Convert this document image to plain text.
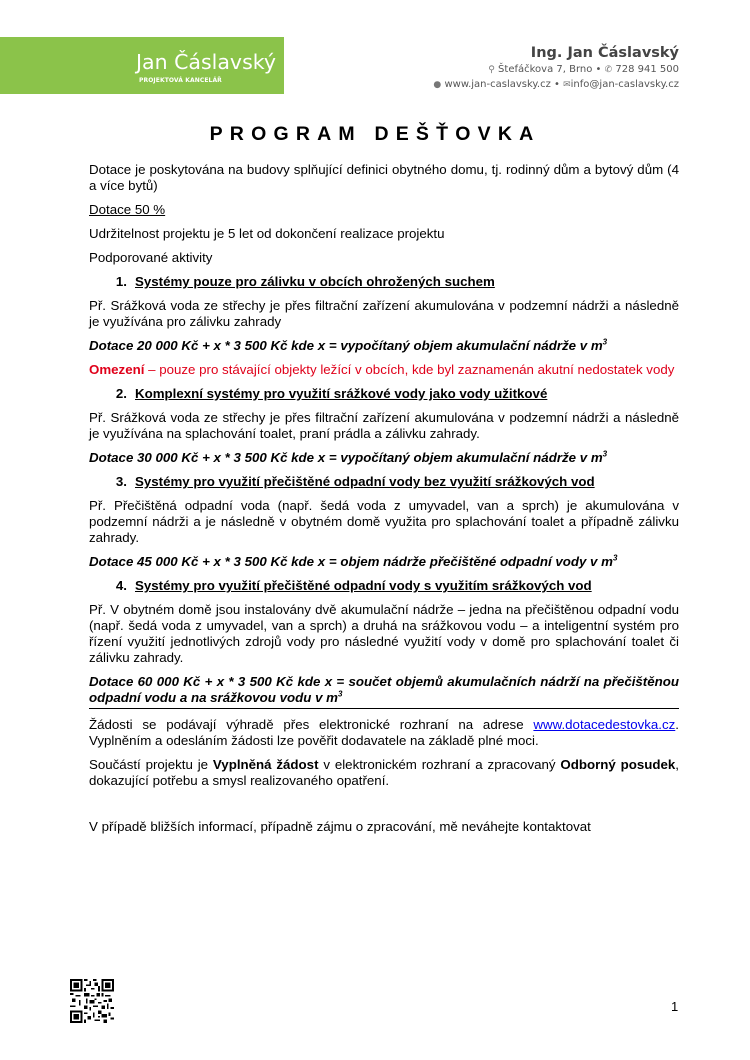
Jan Čáslavský
PROJEKTOVÁ KANCELÁŘ
Ing. Jan Čáslavský
⚲ Štefáčkova 7, Brno • ✆ 728 941 500
● www.jan-caslavsky.cz • ✉info@jan-caslavsky.cz
PROGRAM DEŠŤOVKA

Dotace je poskytována na budovy splňující definici obytného domu, tj. rodinný dům a bytový dům (4 a více bytů)

Dotace 50 %

Udržitelnost projektu je 5 let od dokončení realizace projektu

Podporované aktivity

1. Systémy pouze pro zálivku v obcích ohrožených suchem

Př. Srážková voda ze střechy je přes filtrační zařízení akumulována v podzemní nádrži a následně je využívána pro zálivku zahrady

Dotace 20 000 Kč + x * 3 500 Kč kde x = vypočítaný objem akumulační nádrže v $m^3$

Omezení – pouze pro stávající objekty ležící v obcích, kde byl zaznamenán akutní nedostatek vody

2. Komplexní systémy pro využití srážkové vody jako vody užitkové

Př. Srážková voda ze střechy je přes filtrační zařízení akumulována v podzemní nádrži a následně je využívána na splachování toalet, praní prádla a zálivku zahrady.

Dotace 30 000 Kč + x * 3 500 Kč kde x = vypočítaný objem akumulační nádrže v $m^3$

3. Systémy pro využití přečištěné odpadní vody bez využití srážkových vod

Př. Přečištěná odpadní voda (např. šedá voda z umyvadel, van a sprch) je akumulována v podzemní nádrži a je následně v obytném domě využita pro splachování toalet a případně zálivku zahrady.

Dotace 45 000 Kč + x * 3 500 Kč kde x = objem nádrže přečištěné odpadní vody v $m^3$

4. Systémy pro využití přečištěné odpadní vody s využitím srážkových vod

Př. V obytném domě jsou instalovány dvě akumulační nádrže – jedna na přečištěnou odpadní vodu (např. šedá voda z umyvadel, van a sprch) a druhá na srážkovou vodu – a inteligentní systém pro řízení využití jednotlivých zdrojů vody pro následné využití vody v domě pro splachování toalet či zálivku zahrady.

Dotace 60 000 Kč + x * 3 500 Kč kde x = součet objemů akumulačních nádrží na přečištěnou odpadní vodu a na srážkovou vodu v $m^3$

Žádosti se podávají výhradě přes elektronické rozhraní na adrese www.dotacedestovka.cz. Vyplněním a odesláním žádosti lze pověřit dodavatele na základě plné moci.

Součástí projektu je Vyplněná žádost v elektronickém rozhraní a zpracovaný Odborný posudek, dokazující potřebu a smysl realizovaného opatření.

V případě bližších informací, případně zájmu o zpracování, mě neváhejte kontaktovat

1
